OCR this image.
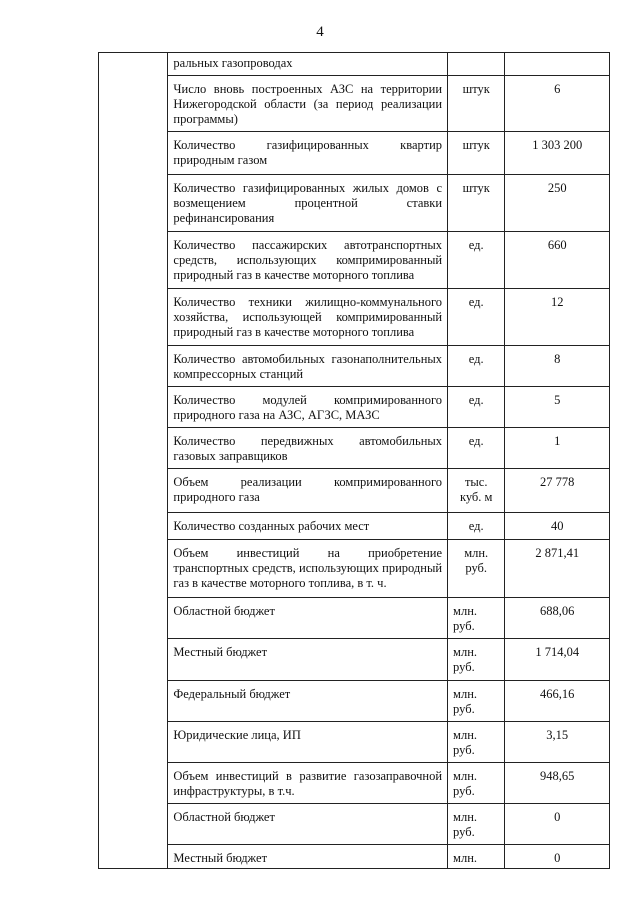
4
	ральных газопроводах		
	Число вновь построенных АЗС на территории Нижегородской области (за период реализации программы)	штук	6
	Количество газифицированных квартир природным газом	штук	1 303 200
	Количество газифицированных жилых домов с возмещением процентной ставки рефинансирования	штук	250
	Количество пассажирских автотранспортных средств, использующих компримированный природный газ в качестве моторного топлива	ед.	660
	Количество техники жилищно-коммунального хозяйства, использующей компримированный природный газ в качестве моторного топлива	ед.	12
	Количество автомобильных газонаполнительных компрессорных станций	ед.	8
	Количество модулей компримированного природного газа на АЗС, АГЗС, МАЗС	ед.	5
	Количество передвижных автомобильных газовых заправщиков	ед.	1
	Объем реализации компримированного природного газа	тыс. куб. м	27 778
	Количество созданных рабочих мест	ед.	40
	Объем инвестиций на приобретение транспортных средств, использующих природный газ в качестве моторного топлива, в т. ч.	млн. руб.	2 871,41
	Областной бюджет	млн. руб.	688,06
	Местный бюджет	млн. руб.	1 714,04
	Федеральный бюджет	млн. руб.	466,16
	Юридические лица, ИП	млн. руб.	3,15
	Объем инвестиций в развитие газозаправочной инфраструктуры, в т.ч.	млн. руб.	948,65
	Областной бюджет	млн. руб.	0
	Местный бюджет	млн.	0
